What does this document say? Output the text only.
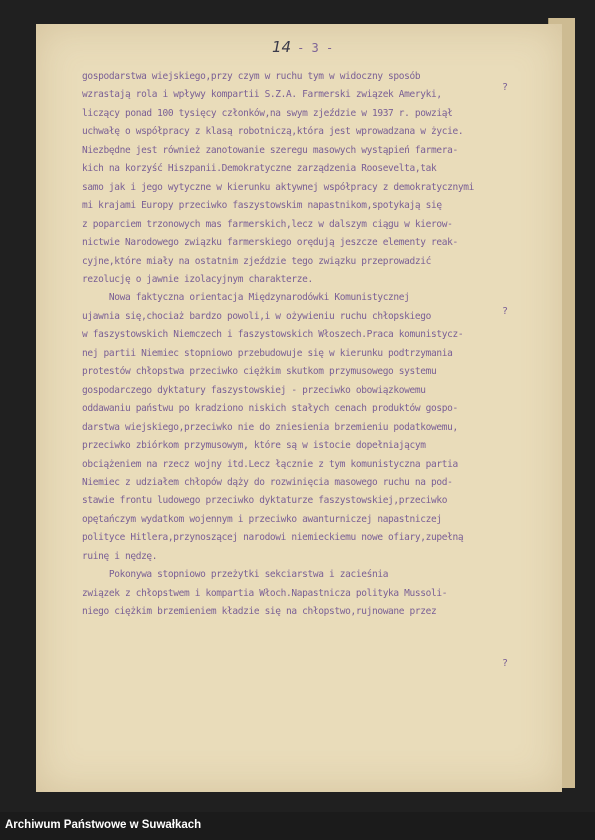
14 - 3 -

gospodarstwa wiejskiego,przy czym w ruchu tym w widoczny sposób
wzrastają rola i wpływy kompartii S.Z.A. Farmerski związek Ameryki,
liczący ponad 100 tysięcy członków,na swym zjeździe w 1937 r. powziął
uchwałę o współpracy z klasą robotniczą,która jest wprowadzana w życie.
Niezbędne jest również zanotowanie szeregu masowych wystąpień farmera-
kich na korzyść Hiszpanii.Demokratyczne zarządzenia Roosevelta,tak
samo jak i jego wytyczne w kierunku aktywnej współpracy z demokratycznymi
mi krajami Europy przeciwko faszystowskim napastnikom,spotykają się
z poparciem trzonowych mas farmerskich,lecz w dalszym ciągu w kierow-
nictwie Narodowego związku farmerskiego orędują jeszcze elementy reak-
cyjne,które miały na ostatnim zjeździe tego związku przeprowadzić
rezolucję o jawnie izolacyjnym charakterze.

Nowa faktyczna orientacja Międzynarodówki Komunistycznej
ujawnia się,chociaż bardzo powoli,i w ożywieniu ruchu chłopskiego
w faszystowskich Niemczech i faszystowskich Włoszech.Praca komunistycz-
nej partii Niemiec stopniowo przebudowuje się w kierunku podtrzymania
protestów chłopstwa przeciwko ciężkim skutkom przymusowego systemu
gospodarczego dyktatury faszystowskiej - przeciwko obowiązkowemu
oddawaniu państwu po kradziono niskich stałych cenach produktów gospo-
darstwa wiejskiego,przeciwko nie do zniesienia brzemieniu podatkowemu,
przeciwko zbiórkom przymusowym, które są w istocie dopełniającym
obciążeniem na rzecz wojny itd.Lecz łącznie z tym komunistyczna partia
Niemiec z udziałem chłopów dąży do rozwinięcia masowego ruchu na pod-
stawie frontu ludowego przeciwko dyktaturze faszystowskiej,przeciwko
opętańczym wydatkom wojennym i przeciwko awanturniczej napastniczej
polityce Hitlera,przynoszącej narodowi niemieckiemu nowe ofiary,zupełną
ruinę i nędzę.

Pokonywa stopniowo przeżytki sekciarstwa i zacieśnia
związek z chłopstwem i kompartia Włoch.Napastnicza polityka Mussoli-
niego ciężkim brzemieniem kładzie się na chłopstwo,rujnowane przez

?
?
?
Archiwum Państwowe w Suwałkach
